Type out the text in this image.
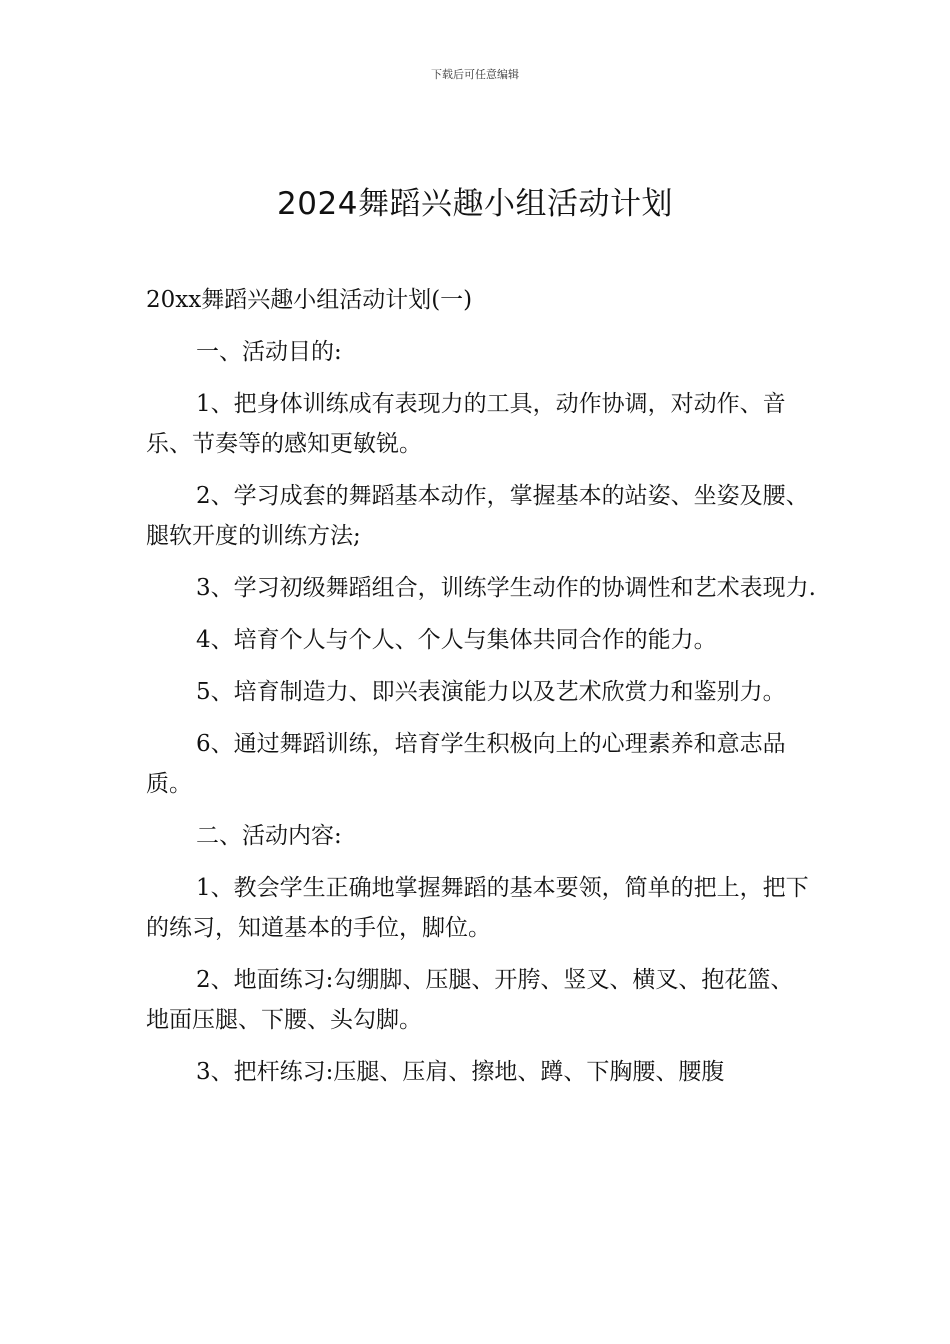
下载后可任意编辑
2024舞蹈兴趣小组活动计划

20xx舞蹈兴趣小组活动计划(一)

一、活动目的:

1、把身体训练成有表现力的工具，动作协调，对动作、音乐、节奏等的感知更敏锐。

2、学习成套的舞蹈基本动作，掌握基本的站姿、坐姿及腰、腿软开度的训练方法;

3、学习初级舞蹈组合，训练学生动作的协调性和艺术表现力.

4、培育个人与个人、个人与集体共同合作的能力。

5、培育制造力、即兴表演能力以及艺术欣赏力和鉴别力。

6、通过舞蹈训练，培育学生积极向上的心理素养和意志品质。

二、活动内容:

1、教会学生正确地掌握舞蹈的基本要领，简单的把上，把下的练习，知道基本的手位，脚位。

2、地面练习:勾绷脚、压腿、开胯、竖叉、横叉、抱花篮、地面压腿、下腰、头勾脚。

3、把杆练习:压腿、压肩、擦地、蹲、下胸腰、腰腹
